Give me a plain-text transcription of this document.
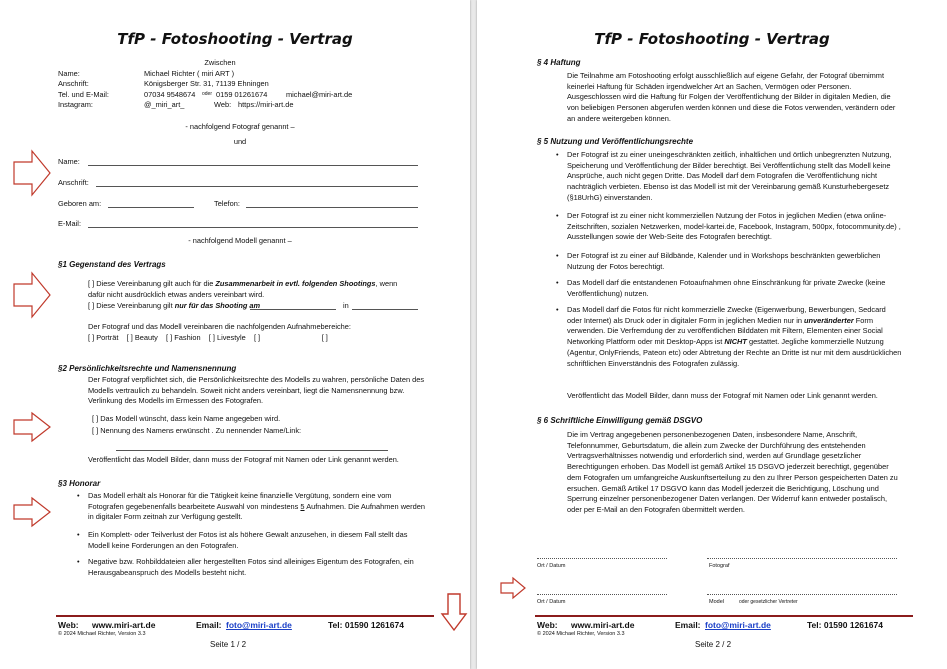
TfP - Fotoshooting - Vertrag
Zwischen
Name:	Michael Richter ( miri ART )
Anschrift:	Königsberger Str. 31, 71139 Ehningen
Tel. und E-Mail:	07034 9548674 oder 0159 01261674	michael@miri-art.de
Instagram:	@_miri_art_	Web: https://miri-art.de
- nachfolgend Fotograf genannt –
und
Name:
Anschrift:
Geboren am:	Telefon:
E-Mail:
- nachfolgend Modell genannt –
§1 Gegenstand des Vertrags
[ ] Diese Vereinbarung gilt auch für die Zusammenarbeit in evtl. folgenden Shootings, wenn
dafür nicht ausdrücklich etwas anders vereinbart wird.
[ ] Diese Vereinbarung gilt nur für das Shooting am	in
Der Fotograf und das Modell vereinbaren die nachfolgenden Aufnahmebereiche:
[ ] Porträt    [ ] Beauty    [ ] Fashion    [ ] Livestyle    [ ]                              [ ]
§2 Persönlichkeitsrechte und Namensnennung
Der Fotograf verpflichtet sich, die Persönlichkeitsrechte des Modells zu wahren, persönliche Daten des Modells vertraulich zu behandeln. Soweit nicht anders vereinbart, liegt die Namensnennung bzw. Verlinkung des Modells im Ermessen des Fotografen.
[ ] Das Modell wünscht, dass kein Name angegeben wird.
[ ] Nennung des Namens erwünscht . Zu nennender Name/Link:
Veröffentlicht das Modell Bilder, dann muss der Fotograf mit Namen oder Link genannt werden.
§3 Honorar
• Das Modell erhält als Honorar für die Tätigkeit keine finanzielle Vergütung, sondern eine vom Fotografen gegebenenfalls bearbeitete Auswahl von mindestens 5 Aufnahmen. Die Aufnahmen werden in digitaler Form zeitnah zur Verfügung gestellt.
• Ein Komplett- oder Teilverlust der Fotos ist als höhere Gewalt anzusehen, in diesem Fall stellt das Modell keine Forderungen an den Fotografen.
• Negative bzw. Rohbilddateien aller hergestellten Fotos sind alleiniges Eigentum des Fotografen, ein Herausgabeanspruch des Modells besteht nicht.
Web: www.miri-art.de	Email: foto@miri-art.de	Tel: 01590 1261674
© 2024 Michael Richter, Version 3.3
Seite 1 / 2
TfP - Fotoshooting - Vertrag
§ 4 Haftung
Die Teilnahme am Fotoshooting erfolgt ausschließlich auf eigene Gefahr, der Fotograf übernimmt keinerlei Haftung für Schäden irgendwelcher Art an Sachen, Vermögen oder Personen. Ausgeschlossen wird die Haftung für Folgen der Veröffentlichung der Bilder in digitalen Medien, die von beliebigen Personen abgerufen werden können und diese die Fotos verwenden, verändern oder an andere weitergeben können.
§ 5 Nutzung und Veröffentlichungsrechte
• Der Fotograf ist zu einer uneingeschränkten zeitlich, inhaltlichen und örtlich unbegrenzten Nutzung, Speicherung und Veröffentlichung der Bilder berechtigt. Bei Veröffentlichung stellt das Modell keine Ansprüche, auch nicht gegen Dritte. Das Modell darf dem Fotografen die Veröffentlichung nicht nachträglich verbieten. Ebenso ist das Modell ist mit der Vereinbarung gemäß Kunsturhebergesetz (§18UrhG) einverstanden.
• Der Fotograf ist zu einer nicht kommerziellen Nutzung der Fotos in jeglichen Medien (etwa online-Zeitschriften, sozialen Netzwerken, model-kartei.de, Facebook, Instagram, 500px, fotocommunity.de) , Ausstellungen sowie der Web-Seite des Fotografen berechtigt.
• Der Fotograf ist zu einer auf Bildbände, Kalender und in Workshops beschränkten gewerblichen Nutzung der Fotos berechtigt.
• Das Modell darf die entstandenen Fotoaufnahmen ohne Einschränkung für private Zwecke (keine Veröffentlichung) nutzen.
• Das Modell darf die Fotos für nicht kommerzielle Zwecke (Eigenwerbung, Bewerbungen, Sedcard oder Internet) als Druck oder in digitaler Form in jeglichen Medien nur in unveränderter Form verwenden. Die Verfremdung der zu veröffentlichen Bilddaten mit Filtern, Elementen einer Social Networking Plattform oder mit Desktop-Apps ist NICHT gestattet. Jegliche kommerzielle Nutzung (Agentur, OnlyFriends, Pateon etc) oder Abtretung der Rechte an Dritte ist nur mit dem ausdrücklichen schriftlichen Einverständnis des Fotografen zulässig.
Veröffentlicht das Modell Bilder, dann muss der Fotograf mit Namen oder Link genannt werden.
§ 6 Schriftliche Einwilligung gemäß DSGVO
Die im Vertrag angegebenen personenbezogenen Daten, insbesondere Name, Anschrift, Telefonnummer, Geburtsdatum, die allein zum Zwecke der Durchführung des entstehenden Vertragsverhältnisses notwendig und erforderlich sind, werden auf Grundlage gesetzlicher Berechtigungen erhoben. Das Modell ist gemäß Artikel 15 DSGVO jederzeit berechtigt, gegenüber dem Fotografen um umfangreiche Auskunftserteilung zu den zu Ihrer Person gespeicherten Daten zu ersuchen. Gemäß Artikel 17 DSGVO kann das Modell jederzeit die Berichtigung, Löschung und Sperrung einzelner personenbezogener Daten verlangen. Der Widerruf kann entweder postalisch, oder per E-Mail an den Fotografen übermittelt werden.
Ort / Datum	Fotograf
Ort / Datum	Model	oder gesetzlicher Vertreter
Web: www.miri-art.de	Email: foto@miri-art.de	Tel: 01590 1261674
© 2024 Michael Richter, Version 3.3
Seite 2 / 2
